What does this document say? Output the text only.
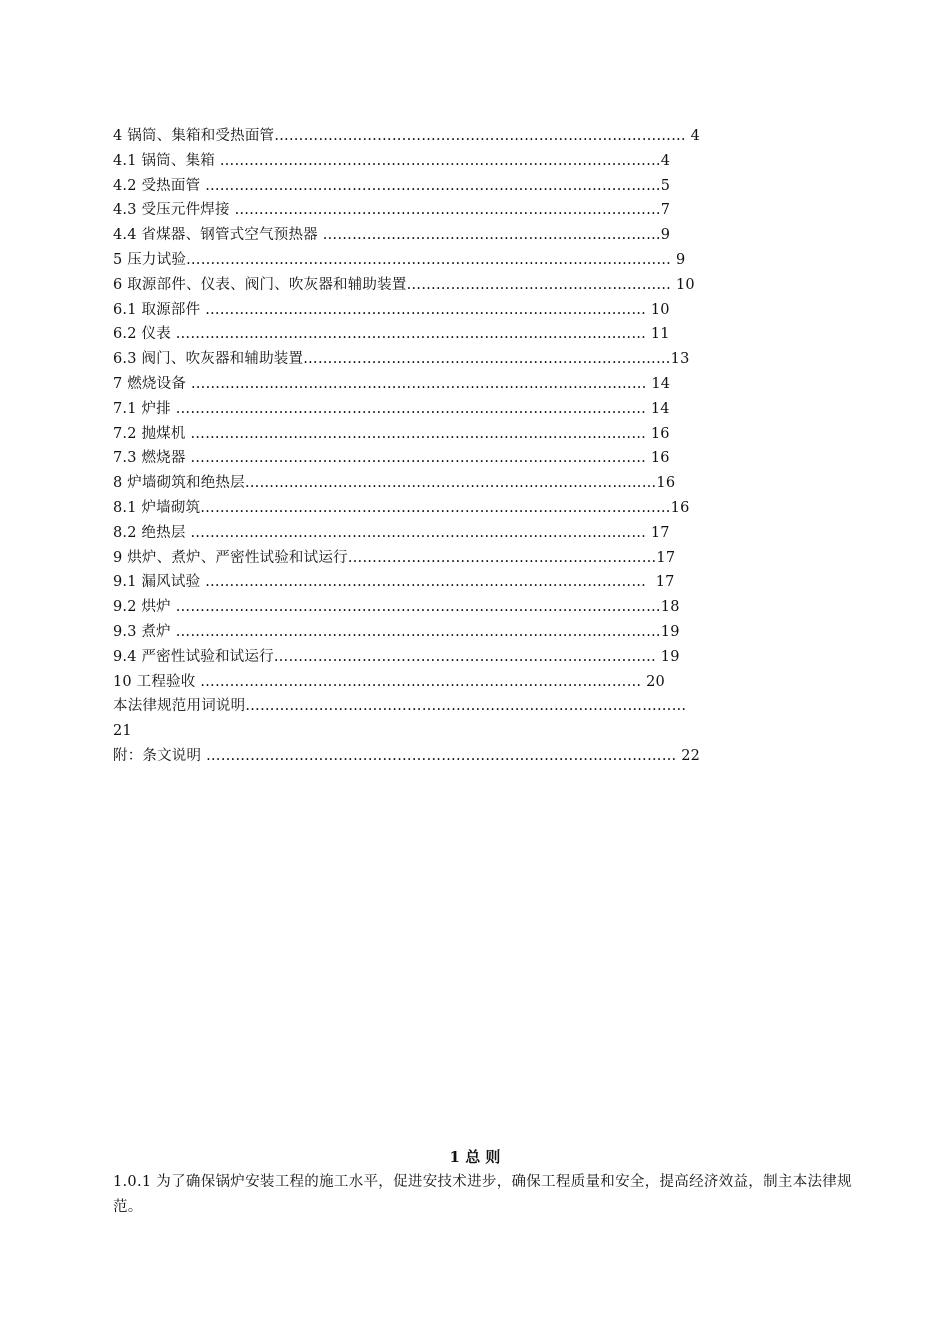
4 锅筒、集箱和受热面管………………………………………………………………………… 4
4.1 锅筒、集箱 ………………………………………………………………………………4
4.2 受热面管 …………………………………………………………………………………5
4.3 受压元件焊接 ……………………………………………………………………………7
4.4 省煤器、钢管式空气预热器 ……………………………………………………………9
5 压力试验……………………………………………………………………………………… 9
6 取源部件、仪表、阀门、吹灰器和辅助装置……………………………………………… 10
6.1 取源部件 ……………………………………………………………………………… 10
6.2 仪表 …………………………………………………………………………………… 11
6.3 阀门、吹灰器和辅助装置…………………………………………………………………13
7 燃烧设备 ………………………………………………………………………………… 14
7.1 炉排 …………………………………………………………………………………… 14
7.2 抛煤机 ………………………………………………………………………………… 16
7.3 燃烧器 ………………………………………………………………………………… 16
8 炉墙砌筑和绝热层…………………………………………………………………………16
8.1 炉墙砌筑……………………………………………………………………………………16
8.2 绝热层 ………………………………………………………………………………… 17
9 烘炉、煮炉、严密性试验和试运行………………………………………………………17
9.1 漏风试验 ………………………………………………………………………………  17
9.2 烘炉 ………………………………………………………………………………………18
9.3 煮炉 ………………………………………………………………………………………19
9.4 严密性试验和试运行…………………………………………………………………… 19
10 工程验收 ……………………………………………………………………………… 20
本法律规范用词说明………………………………………………………………………………
21
附：条文说明 …………………………………………………………………………………… 22
1 总 则
1.0.1 为了确保锅炉安装工程的施工水平，促进安技术进步，确保工程质量和安全，提高经济效益，制主本法律规范。
